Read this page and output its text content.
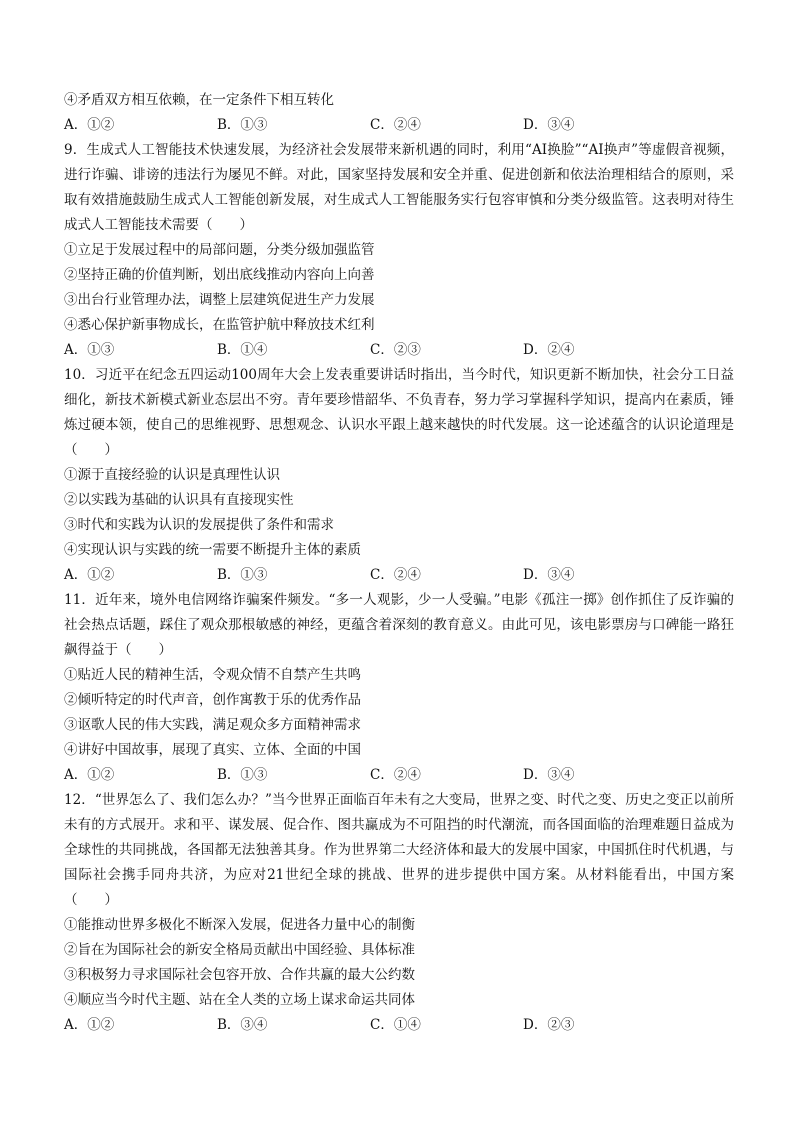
④矛盾双方相互依赖，在一定条件下相互转化
A．①②	B．①③	C．②④	D．③④

9．生成式人工智能技术快速发展，为经济社会发展带来新机遇的同时，利用“AI换脸”“AI换声”等虚假音视频，进行诈骗、诽谤的违法行为屡见不鲜。对此，国家坚持发展和安全并重、促进创新和依法治理相结合的原则，采取有效措施鼓励生成式人工智能创新发展，对生成式人工智能服务实行包容审慎和分类分级监管。这表明对待生成式人工智能技术需要（　　）

①立足于发展过程中的局部问题，分类分级加强监管
②坚持正确的价值判断，划出底线推动内容向上向善
③出台行业管理办法，调整上层建筑促进生产力发展
④悉心保护新事物成长，在监管护航中释放技术红利
A．①③	B．①④	C．②③	D．②④

10．习近平在纪念五四运动100周年大会上发表重要讲话时指出，当今时代，知识更新不断加快，社会分工日益细化，新技术新模式新业态层出不穷。青年要珍惜韶华、不负青春，努力学习掌握科学知识，提高内在素质，锤炼过硬本领，使自己的思维视野、思想观念、认识水平跟上越来越快的时代发展。这一论述蕴含的认识论道理是（　　）

①源于直接经验的认识是真理性认识
②以实践为基础的认识具有直接现实性
③时代和实践为认识的发展提供了条件和需求
④实现认识与实践的统一需要不断提升主体的素质
A．①②	B．①③	C．②④	D．③④

11．近年来，境外电信网络诈骗案件频发。“多一人观影，少一人受骗。”电影《孤注一掷》创作抓住了反诈骗的社会热点话题，踩住了观众那根敏感的神经，更蕴含着深刻的教育意义。由此可见，该电影票房与口碑能一路狂飙得益于（　　）

①贴近人民的精神生活，令观众情不自禁产生共鸣
②倾听特定的时代声音，创作寓教于乐的优秀作品
③讴歌人民的伟大实践，满足观众多方面精神需求
④讲好中国故事，展现了真实、立体、全面的中国
A．①②	B．①③	C．②④	D．③④

12．“世界怎么了、我们怎么办？”当今世界正面临百年未有之大变局，世界之变、时代之变、历史之变正以前所未有的方式展开。求和平、谋发展、促合作、图共赢成为不可阻挡的时代潮流，而各国面临的治理难题日益成为全球性的共同挑战，各国都无法独善其身。作为世界第二大经济体和最大的发展中国家，中国抓住时代机遇，与国际社会携手同舟共济，为应对21世纪全球的挑战、世界的进步提供中国方案。从材料能看出，中国方案（　　）

①能推动世界多极化不断深入发展，促进各力量中心的制衡
②旨在为国际社会的新安全格局贡献出中国经验、具体标准
③积极努力寻求国际社会包容开放、合作共赢的最大公约数
④顺应当今时代主题、站在全人类的立场上谋求命运共同体
A．①②	B．③④	C．①④	D．②③
